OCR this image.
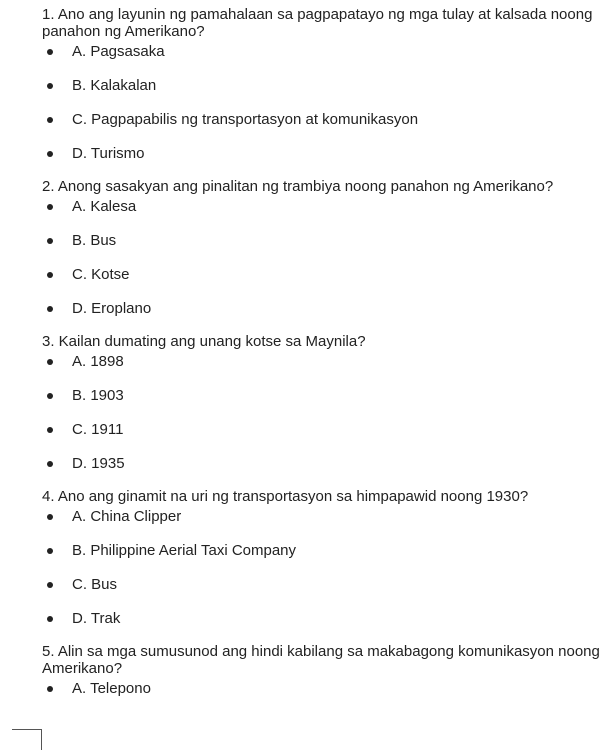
1. Ano ang layunin ng pamahalaan sa pagpapatayo ng mga tulay at kalsada noong panahon ng Amerikano?
A. Pagsasaka
B. Kalakalan
C. Pagpapabilis ng transportasyon at komunikasyon
D. Turismo
2. Anong sasakyan ang pinalitan ng trambiya noong panahon ng Amerikano?
A. Kalesa
B. Bus
C. Kotse
D. Eroplano
3. Kailan dumating ang unang kotse sa Maynila?
A. 1898
B. 1903
C. 1911
D. 1935
4. Ano ang ginamit na uri ng transportasyon sa himpapawid noong 1930?
A. China Clipper
B. Philippine Aerial Taxi Company
C. Bus
D. Trak
5. Alin sa mga sumusunod ang hindi kabilang sa makabagong komunikasyon noong Amerikano?
A. Telepono
